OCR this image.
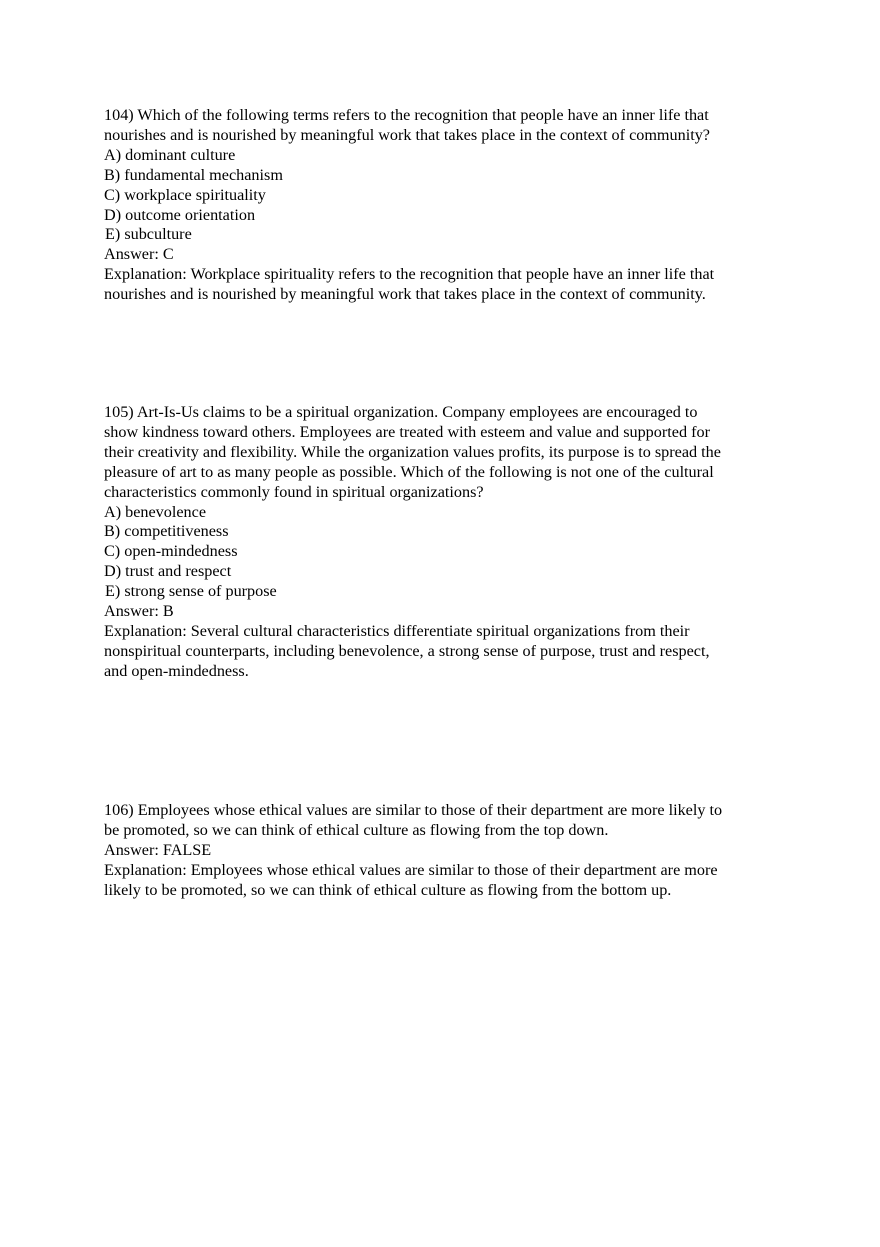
104) Which of the following terms refers to the recognition that people have an inner life that
nourishes and is nourished by meaningful work that takes place in the context of community?
A) dominant culture
B) fundamental mechanism
C) workplace spirituality
D) outcome orientation
E) subculture
Answer: C
Explanation: Workplace spirituality refers to the recognition that people have an inner life that
nourishes and is nourished by meaningful work that takes place in the context of community.
105) Art-Is-Us claims to be a spiritual organization. Company employees are encouraged to
show kindness toward others. Employees are treated with esteem and value and supported for
their creativity and flexibility. While the organization values profits, its purpose is to spread the
pleasure of art to as many people as possible. Which of the following is not one of the cultural
characteristics commonly found in spiritual organizations?
A) benevolence
B) competitiveness
C) open-mindedness
D) trust and respect
E) strong sense of purpose
Answer: B
Explanation: Several cultural characteristics differentiate spiritual organizations from their
nonspiritual counterparts, including benevolence, a strong sense of purpose, trust and respect,
and open-mindedness.
106) Employees whose ethical values are similar to those of their department are more likely to
be promoted, so we can think of ethical culture as flowing from the top down.
Answer: FALSE
Explanation: Employees whose ethical values are similar to those of their department are more
likely to be promoted, so we can think of ethical culture as flowing from the bottom up.
